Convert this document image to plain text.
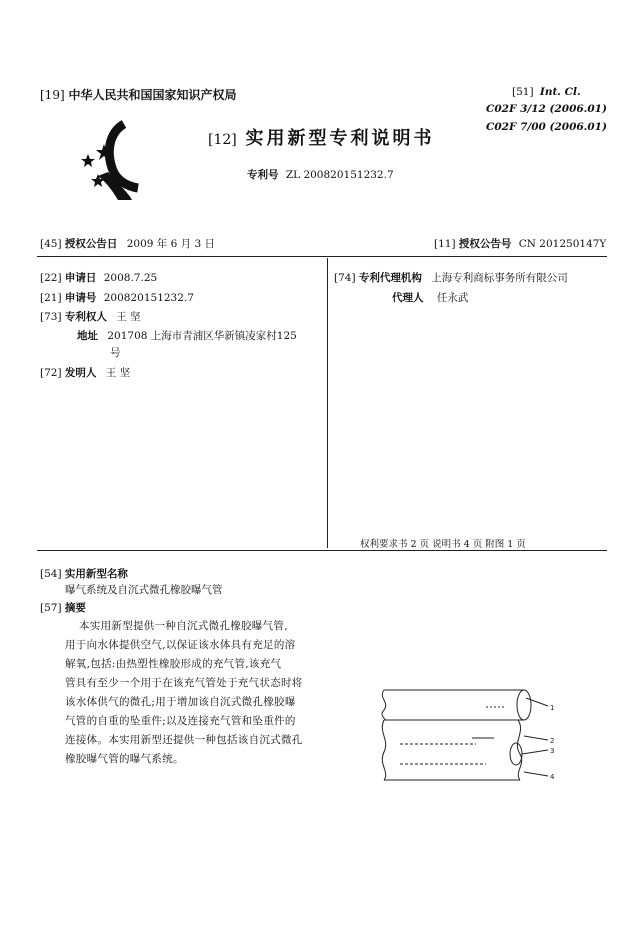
[19] 中华人民共和国国家知识产权局
[12] 实用新型专利说明书
专利号 ZL 200820151232.7
[51] Int. Cl.
C02F 3/12 (2006.01)
C02F 7/00 (2006.01)
[45] 授权公告日 2009 年 6 月 3 日	[11] 授权公告号 CN 201250147Y
[22] 申请日 2008.7.25
[21] 申请号 200820151232.7
[73] 专利权人 王 坚
地址 201708 上海市青浦区华新镇凌家村125
号
[72] 发明人 王 坚
[74] 专利代理机构 上海专利商标事务所有限公司
代理人 任永武
权利要求书 2 页 说明书 4 页 附图 1 页
[54] 实用新型名称
曝气系统及自沉式微孔橡胶曝气管
[57] 摘要
本实用新型提供一种自沉式微孔橡胶曝气管,
用于向水体提供空气,以保证该水体具有充足的溶
解氧,包括:由热塑性橡胶形成的充气管,该充气
管具有至少一个用于在该充气管处于充气状态时将
该水体供气的微孔;用于增加该自沉式微孔橡胶曝
气管的自重的坠重件;以及连接充气管和坠重件的
连接体。本实用新型还提供一种包括该自沉式微孔
橡胶曝气管的曝气系统。
1
2
3
4
